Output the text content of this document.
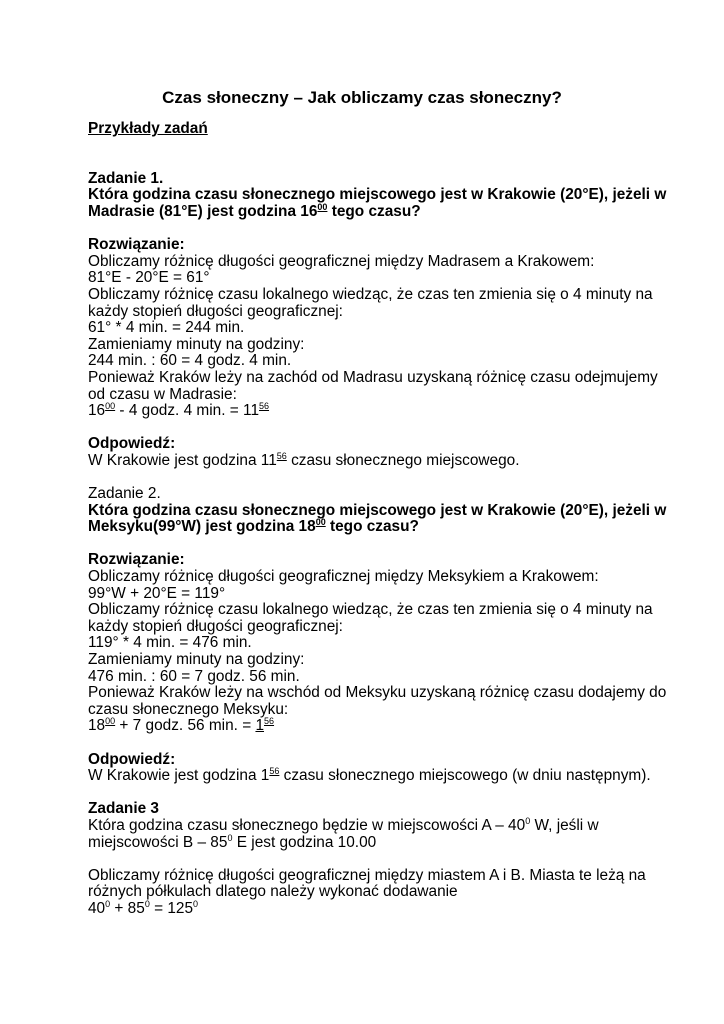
Czas słoneczny – Jak obliczamy czas słoneczny?
Przykłady zadań
Zadanie 1.
Która godzina czasu słonecznego miejscowego jest w Krakowie (20°E), jeżeli w
Madrasie (81°E) jest godzina $16^{00}$ tego czasu?
Rozwiązanie:
Obliczamy różnicę długości geograficznej między Madrasem a Krakowem:
81°E - 20°E = 61°
Obliczamy różnicę czasu lokalnego wiedząc, że czas ten zmienia się o 4 minuty na
każdy stopień długości geograficznej:
61° * 4 min. = 244 min.
Zamieniamy minuty na godziny:
244 min. : 60 = 4 godz. 4 min.
Ponieważ Kraków leży na zachód od Madrasu uzyskaną różnicę czasu odejmujemy
od czasu w Madrasie:
$16^{00} - 4$ godz. 4 min. = $11^{56}$
Odpowiedź:
W Krakowie jest godzina $11^{56}$ czasu słonecznego miejscowego.
Zadanie 2.
Która godzina czasu słonecznego miejscowego jest w Krakowie (20°E), jeżeli w
Meksyku(99°W) jest godzina $18^{00}$ tego czasu?
Rozwiązanie:
Obliczamy różnicę długości geograficznej między Meksykiem a Krakowem:
99°W + 20°E = 119°
Obliczamy różnicę czasu lokalnego wiedząc, że czas ten zmienia się o 4 minuty na
każdy stopień długości geograficznej:
119° * 4 min. = 476 min.
Zamieniamy minuty na godziny:
476 min. : 60 = 7 godz. 56 min.
Ponieważ Kraków leży na wschód od Meksyku uzyskaną różnicę czasu dodajemy do
czasu słonecznego Meksyku:
$18^{00} + 7$ godz. 56 min. = $1^{56}$
Odpowiedź:
W Krakowie jest godzina $1^{56}$ czasu słonecznego miejscowego (w dniu następnym).
Zadanie 3
Która godzina czasu słonecznego będzie w miejscowości A – $40^0$ W, jeśli w
miejscowości B – $85^0$ E jest godzina 10.00
Obliczamy różnicę długości geograficznej między miastem A i B. Miasta te leżą na
różnych półkulach dlatego należy wykonać dodawanie
$40^0 + 85^0 = 125^0$
